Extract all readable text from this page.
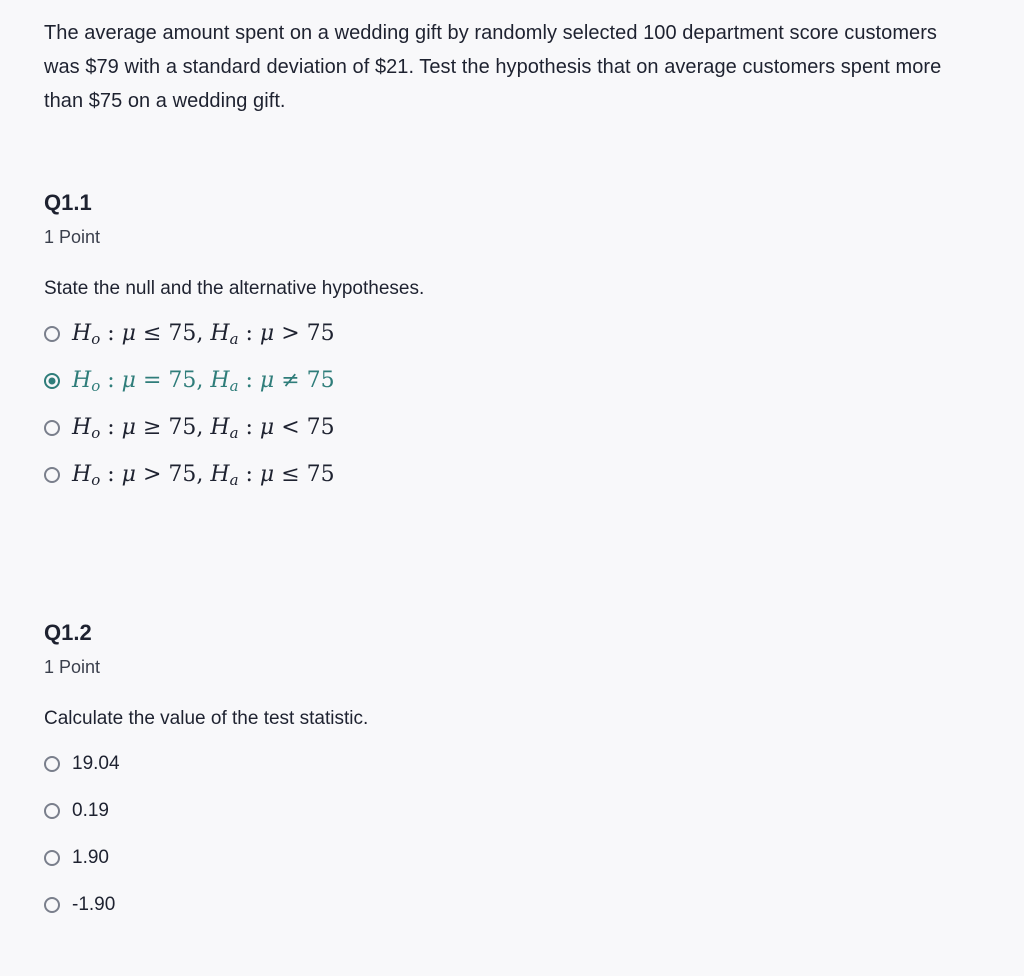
The average amount spent on a wedding gift by randomly selected 100 department score customers was $79 with a standard deviation of $21. Test the hypothesis that on average customers spent more than $75 on a wedding gift.

Q1.1
1 Point
State the null and the alternative hypotheses.
$H_o$ : μ ≤ 75, $H_a$ : μ > 75
$H_o$ : μ = 75, $H_a$ : μ ≠ 75
$H_o$ : μ ≥ 75, $H_a$ : μ < 75
$H_o$ : μ > 75, $H_a$ : μ ≤ 75
Q1.2
1 Point
Calculate the value of the test statistic.
19.04
0.19
1.90
-1.90
